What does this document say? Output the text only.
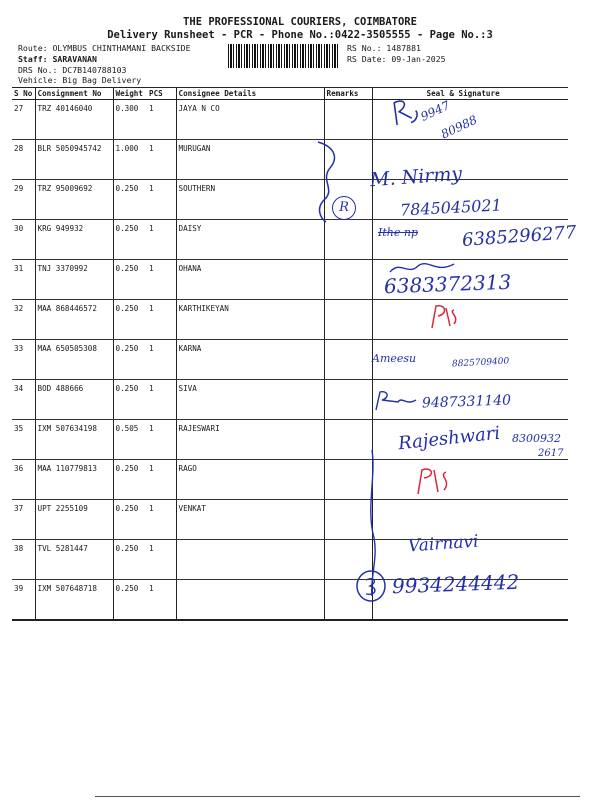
THE PROFESSIONAL COURIERS, COIMBATORE
Delivery Runsheet - PCR - Phone No.:0422-3505555 - Page No.:3
Route: OLYMBUS CHINTHAMANI BACKSIDE
Staff: SARAVANAN
DRS No.: DC7B140788103
Vehicle: Big Bag Delivery
RS No.: 1487881
RS Date: 09-Jan-2025
S No	Consignment No	Weight	PCS	Consignee Details	Remarks	Seal & Signature
27	TRZ 40146040	0.300	1	JAYA N CO		
28	BLR 5050945742	1.000	1	MURUGAN		
29	TRZ 95009692	0.250	1	SOUTHERN		
30	KRG 949932	0.250	1	DAISY		
31	TNJ 3370992	0.250	1	OHANA		
32	MAA 868446572	0.250	1	KARTHIKEYAN		
33	MAA 650505308	0.250	1	KARNA		
34	BOD 488666	0.250	1	SIVA		
35	IXM 507634198	0.505	1	RAJESWARI		
36	MAA 110779813	0.250	1	RAGO		
37	UPT 2255109	0.250	1	VENKAT		
38	TVL 5281447	0.250	1			
39	IXM 507648718	0.250	1			
9947
80988
R
M. Nirmy
7845045021
Ithe np 6385296277
6383372313
Ameesu	8825709400
9487331140
Rajeshwari 8300932
2617
Vairnavi
9934244442
